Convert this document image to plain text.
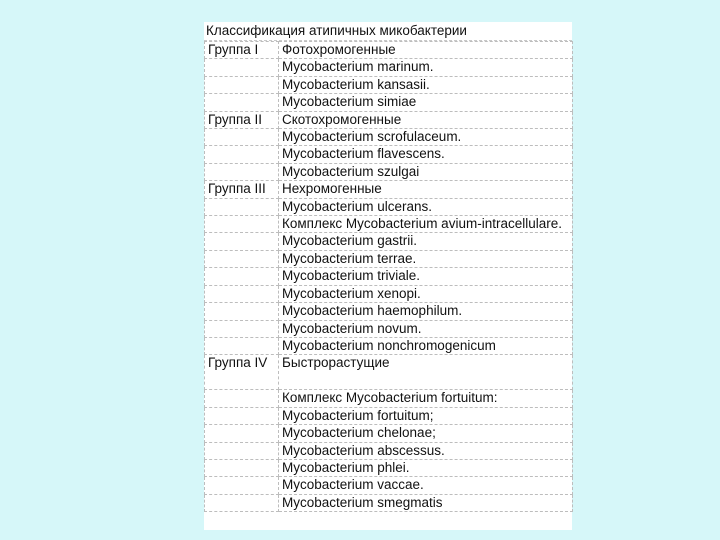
Классификация атипичных микобактерии
Группа I	Фотохромогенные
	Mycobacterium marinum.
	Mycobacterium kansasii.
	Mycobacterium simiae
Группа II	Скотохромогенные
	Mycobacterium scrofulaceum.
	Mycobacterium flavescens.
	Mycobacterium szulgai
Группа III	Нехромогенные
	Mycobacterium ulcerans.
	Комплекс Mycobacterium avium-intracellulare.
	Mycobacterium gastrii.
	Mycobacterium terrae.
	Mycobacterium triviale.
	Mycobacterium xenopi.
	Mycobacterium haemophilum.
	Mycobacterium novum.
	Mycobacterium nonchromogenicum
Группа IV	Быстрорастущие
	Комплекс Mycobacterium fortuitum:
	Mycobacterium fortuitum;
	Mycobacterium chelonae;
	Mycobacterium abscessus.
	Mycobacterium phlei.
	Mycobacterium vaccae.
	Mycobacterium smegmatis
